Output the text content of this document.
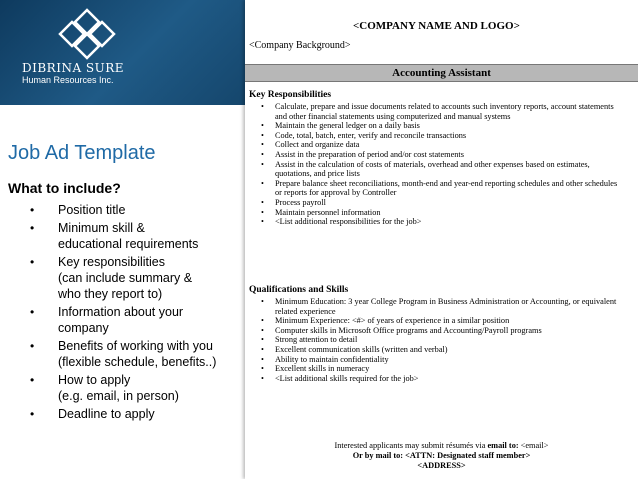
DIBRINA SURE
Human Resources Inc.
Job Ad Template
What to include?
• Position title
• Minimum skill &
educational requirements
• Key responsibilities
(can include summary &
who they report to)
• Information about your
company
• Benefits of working with you
(flexible schedule, benefits..)
• How to apply
(e.g. email, in person)
• Deadline to apply
<COMPANY NAME AND LOGO>
<Company Background>
Accounting Assistant
Key Responsibilities
• Calculate, prepare and issue documents related to accounts such inventory reports, account statements and other financial statements using computerized and manual systems
• Maintain the general ledger on a daily basis
• Code, total, batch, enter, verify and reconcile transactions
• Collect and organize data
• Assist in the preparation of period and/or cost statements
• Assist in the calculation of costs of materials, overhead and other expenses based on estimates, quotations, and price lists
• Prepare balance sheet reconciliations, month-end and year-end reporting schedules and other schedules or reports for approval by Controller
• Process payroll
• Maintain personnel information
• <List additional responsibilities for the job>
Qualifications and Skills
• Minimum Education: 3 year College Program in Business Administration or Accounting, or equivalent related experience
• Minimum Experience: <#> of years of experience in a similar position
• Computer skills in Microsoft Office programs and Accounting/Payroll programs
• Strong attention to detail
• Excellent communication skills (written and verbal)
• Ability to maintain confidentiality
• Excellent skills in numeracy
• <List additional skills required for the job>
Interested applicants may submit résumés via email to: <email>
Or by mail to: <ATTN: Designated staff member>
<ADDRESS>
